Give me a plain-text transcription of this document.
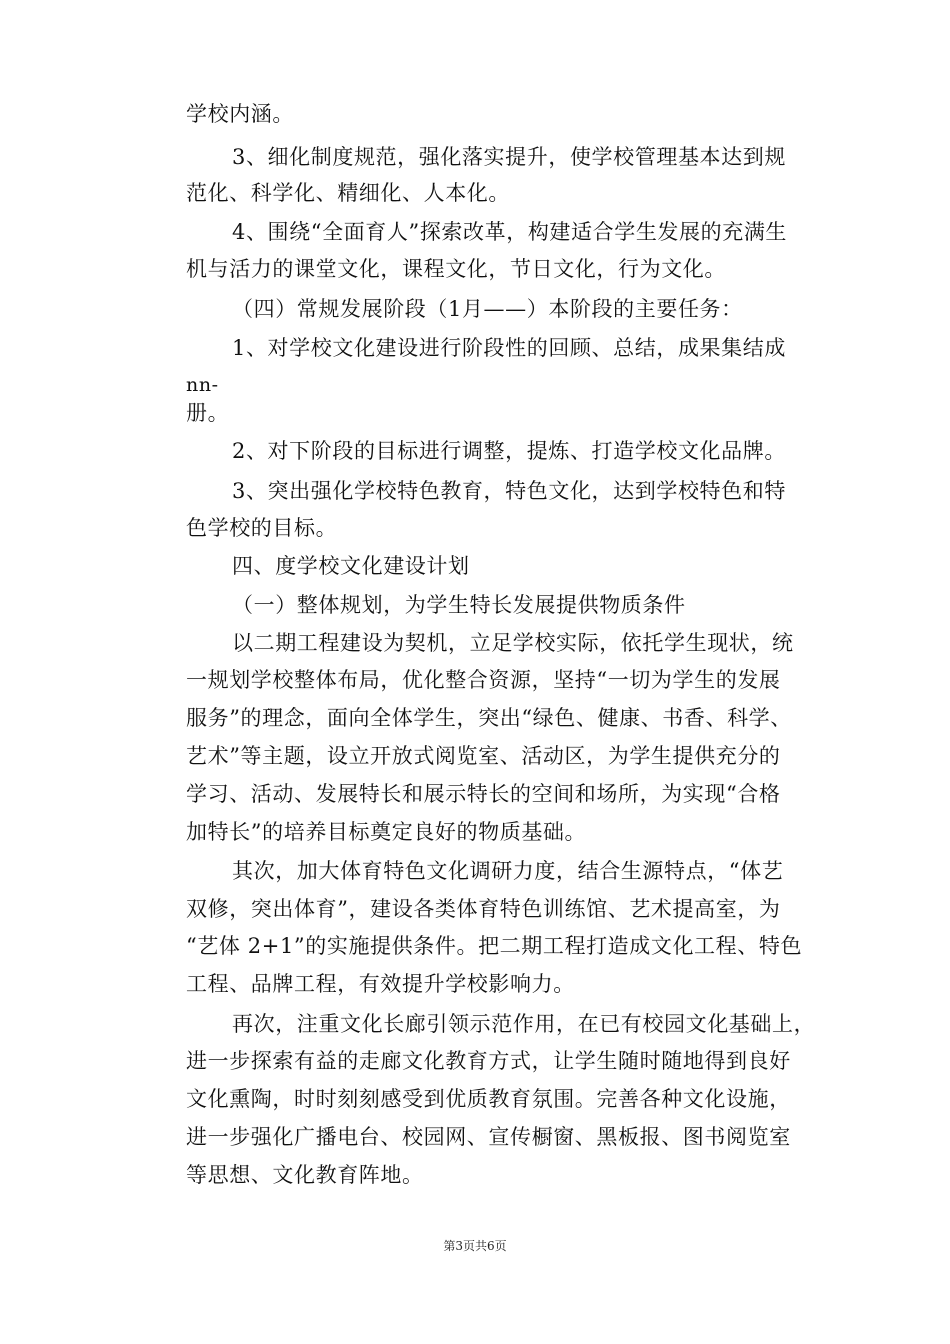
学校内涵。
3、细化制度规范，强化落实提升，使学校管理基本达到规
范化、科学化、精细化、人本化。
4、围绕“全面育人”探索改革，构建适合学生发展的充满生
机与活力的课堂文化，课程文化，节日文化，行为文化。
（四）常规发展阶段（1月——）本阶段的主要任务：
1、对学校文化建设进行阶段性的回顾、总结，成果集结成
nn-
册。
2、对下阶段的目标进行调整，提炼、打造学校文化品牌。
3、突出强化学校特色教育，特色文化，达到学校特色和特
色学校的目标。
四、度学校文化建设计划
（一）整体规划，为学生特长发展提供物质条件
以二期工程建设为契机，立足学校实际，依托学生现状，统
一规划学校整体布局，优化整合资源，坚持“一切为学生的发展
服务”的理念，面向全体学生，突出“绿色、健康、书香、科学、
艺术”等主题，设立开放式阅览室、活动区，为学生提供充分的
学习、活动、发展特长和展示特长的空间和场所，为实现“合格
加特长”的培养目标奠定良好的物质基础。
其次，加大体育特色文化调研力度，结合生源特点，“体艺
双修，突出体育”，建设各类体育特色训练馆、艺术提高室，为
“艺体 2+1”的实施提供条件。把二期工程打造成文化工程、特色
工程、品牌工程，有效提升学校影响力。
再次，注重文化长廊引领示范作用，在已有校园文化基础上，
进一步探索有益的走廊文化教育方式，让学生随时随地得到良好
文化熏陶，时时刻刻感受到优质教育氛围。完善各种文化设施，
进一步强化广播电台、校园网、宣传橱窗、黑板报、图书阅览室
等思想、文化教育阵地。
第3页共6页
